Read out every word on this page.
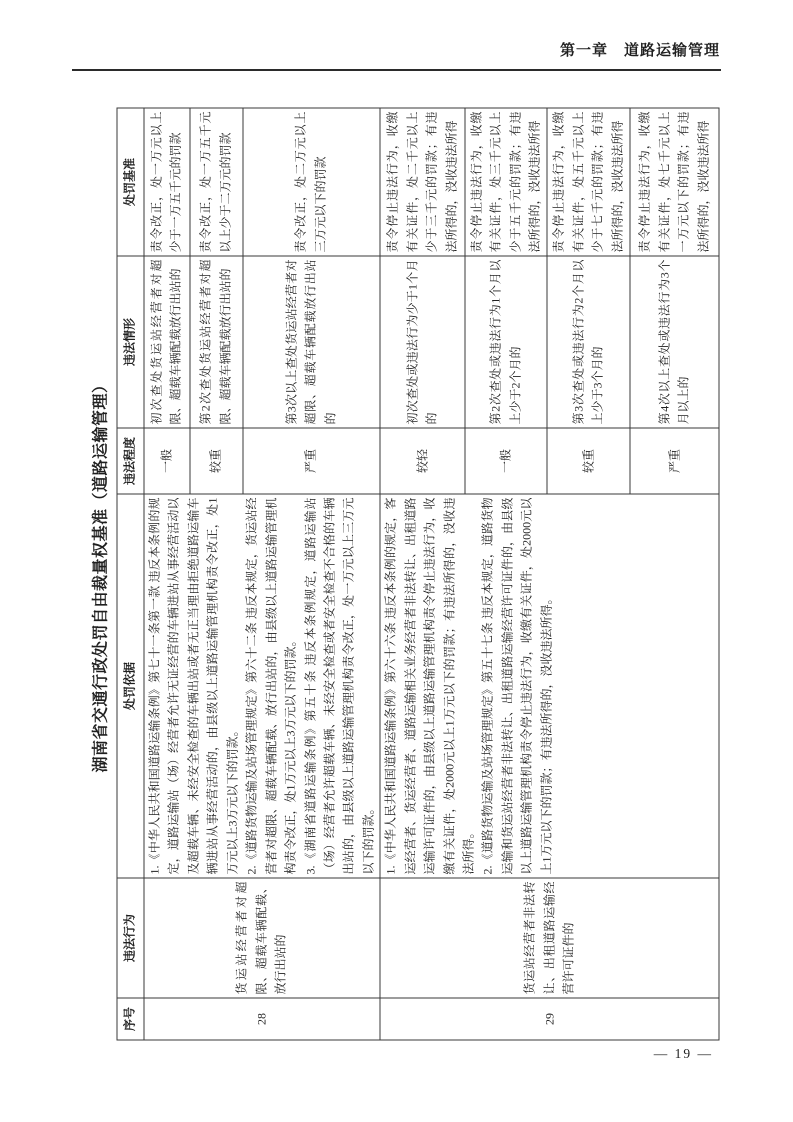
第一章　道路运输管理
湖南省交通行政处罚自由裁量权基准（道路运输管理）
序号	违法行为	处罚依据	违法程度	违法情形	处罚基准
28	货运站经营者对超限、超载车辆配载、放行出站的	1.《中华人民共和国道路运输条例》第七十一条第一款 违反本条例的规定，道路运输站（场）经营者允许无证经营的车辆进站从事经营活动以及超载车辆、未经安全检查的车辆出站或者无正当理由拒绝道路运输车辆进站从事经营活动的，由县级以上道路运输管理机构责令改正，处1万元以上3万元以下的罚款。 2.《道路货物运输及站场管理规定》第六十二条 违反本规定，货运站经营者对超限、超载车辆配载、放行出站的，由县级以上道路运输管理机构责令改正，处1万元以上3万元以下的罚款。 3.《湖南省道路运输条例》第五十条 违反本条例规定，道路运输站（场）经营者允许超载车辆、未经安全检查或者安全检查不合格的车辆出站的，由县级以上道路运输管理机构责令改正，处一万元以上三万元以下的罚款。	一般	初次查处货运站经营者对超限、超载车辆配载放行出站的	责令改正，处一万元以上少于一万五千元的罚款
			较重	第2次查处货运站经营者对超限、超载车辆配载放行出站的	责令改正，处一万五千元以上少于二万元的罚款
			严重	第3次以上查处货运站经营者对超限、超载车辆配载放行出站的	责令改正，处二万元以上三万元以下的罚款
29	货运站经营者非法转让、出租道路运输经营许可证件的	1.《中华人民共和国道路运输条例》第六十六条 违反本条例的规定，客运经营者、货运经营者、道路运输相关业务经营者非法转让、出租道路运输许可证件的，由县级以上道路运输管理机构责令停止违法行为，收缴有关证件，处2000元以上1万元以下的罚款；有违法所得的，没收违法所得。 2.《道路货物运输及站场管理规定》第五十七条 违反本规定，道路货物运输和货运站经营者非法转让、出租道路运输经营许可证件的，由县级以上道路运输管理机构责令停止违法行为，收缴有关证件，处2000元以上1万元以下的罚款；有违法所得的，没收违法所得。	较轻	初次查处或违法行为少于1个月的	责令停止违法行为，收缴有关证件，处二千元以上少于三千元的罚款；有违法所得的，没收违法所得
			一般	第2次查处或违法行为1个月以上少于2个月的	责令停止违法行为，收缴有关证件，处三千元以上少于五千元的罚款；有违法所得的，没收违法所得
			较重	第3次查处或违法行为2个月以上少于3个月的	责令停止违法行为，收缴有关证件，处五千元以上少于七千元的罚款；有违法所得的，没收违法所得
			严重	第4次以上查处或违法行为3个月以上的	责令停止违法行为，收缴有关证件，处七千元以上一万元以下的罚款；有违法所得的，没收违法所得
— 19 —
